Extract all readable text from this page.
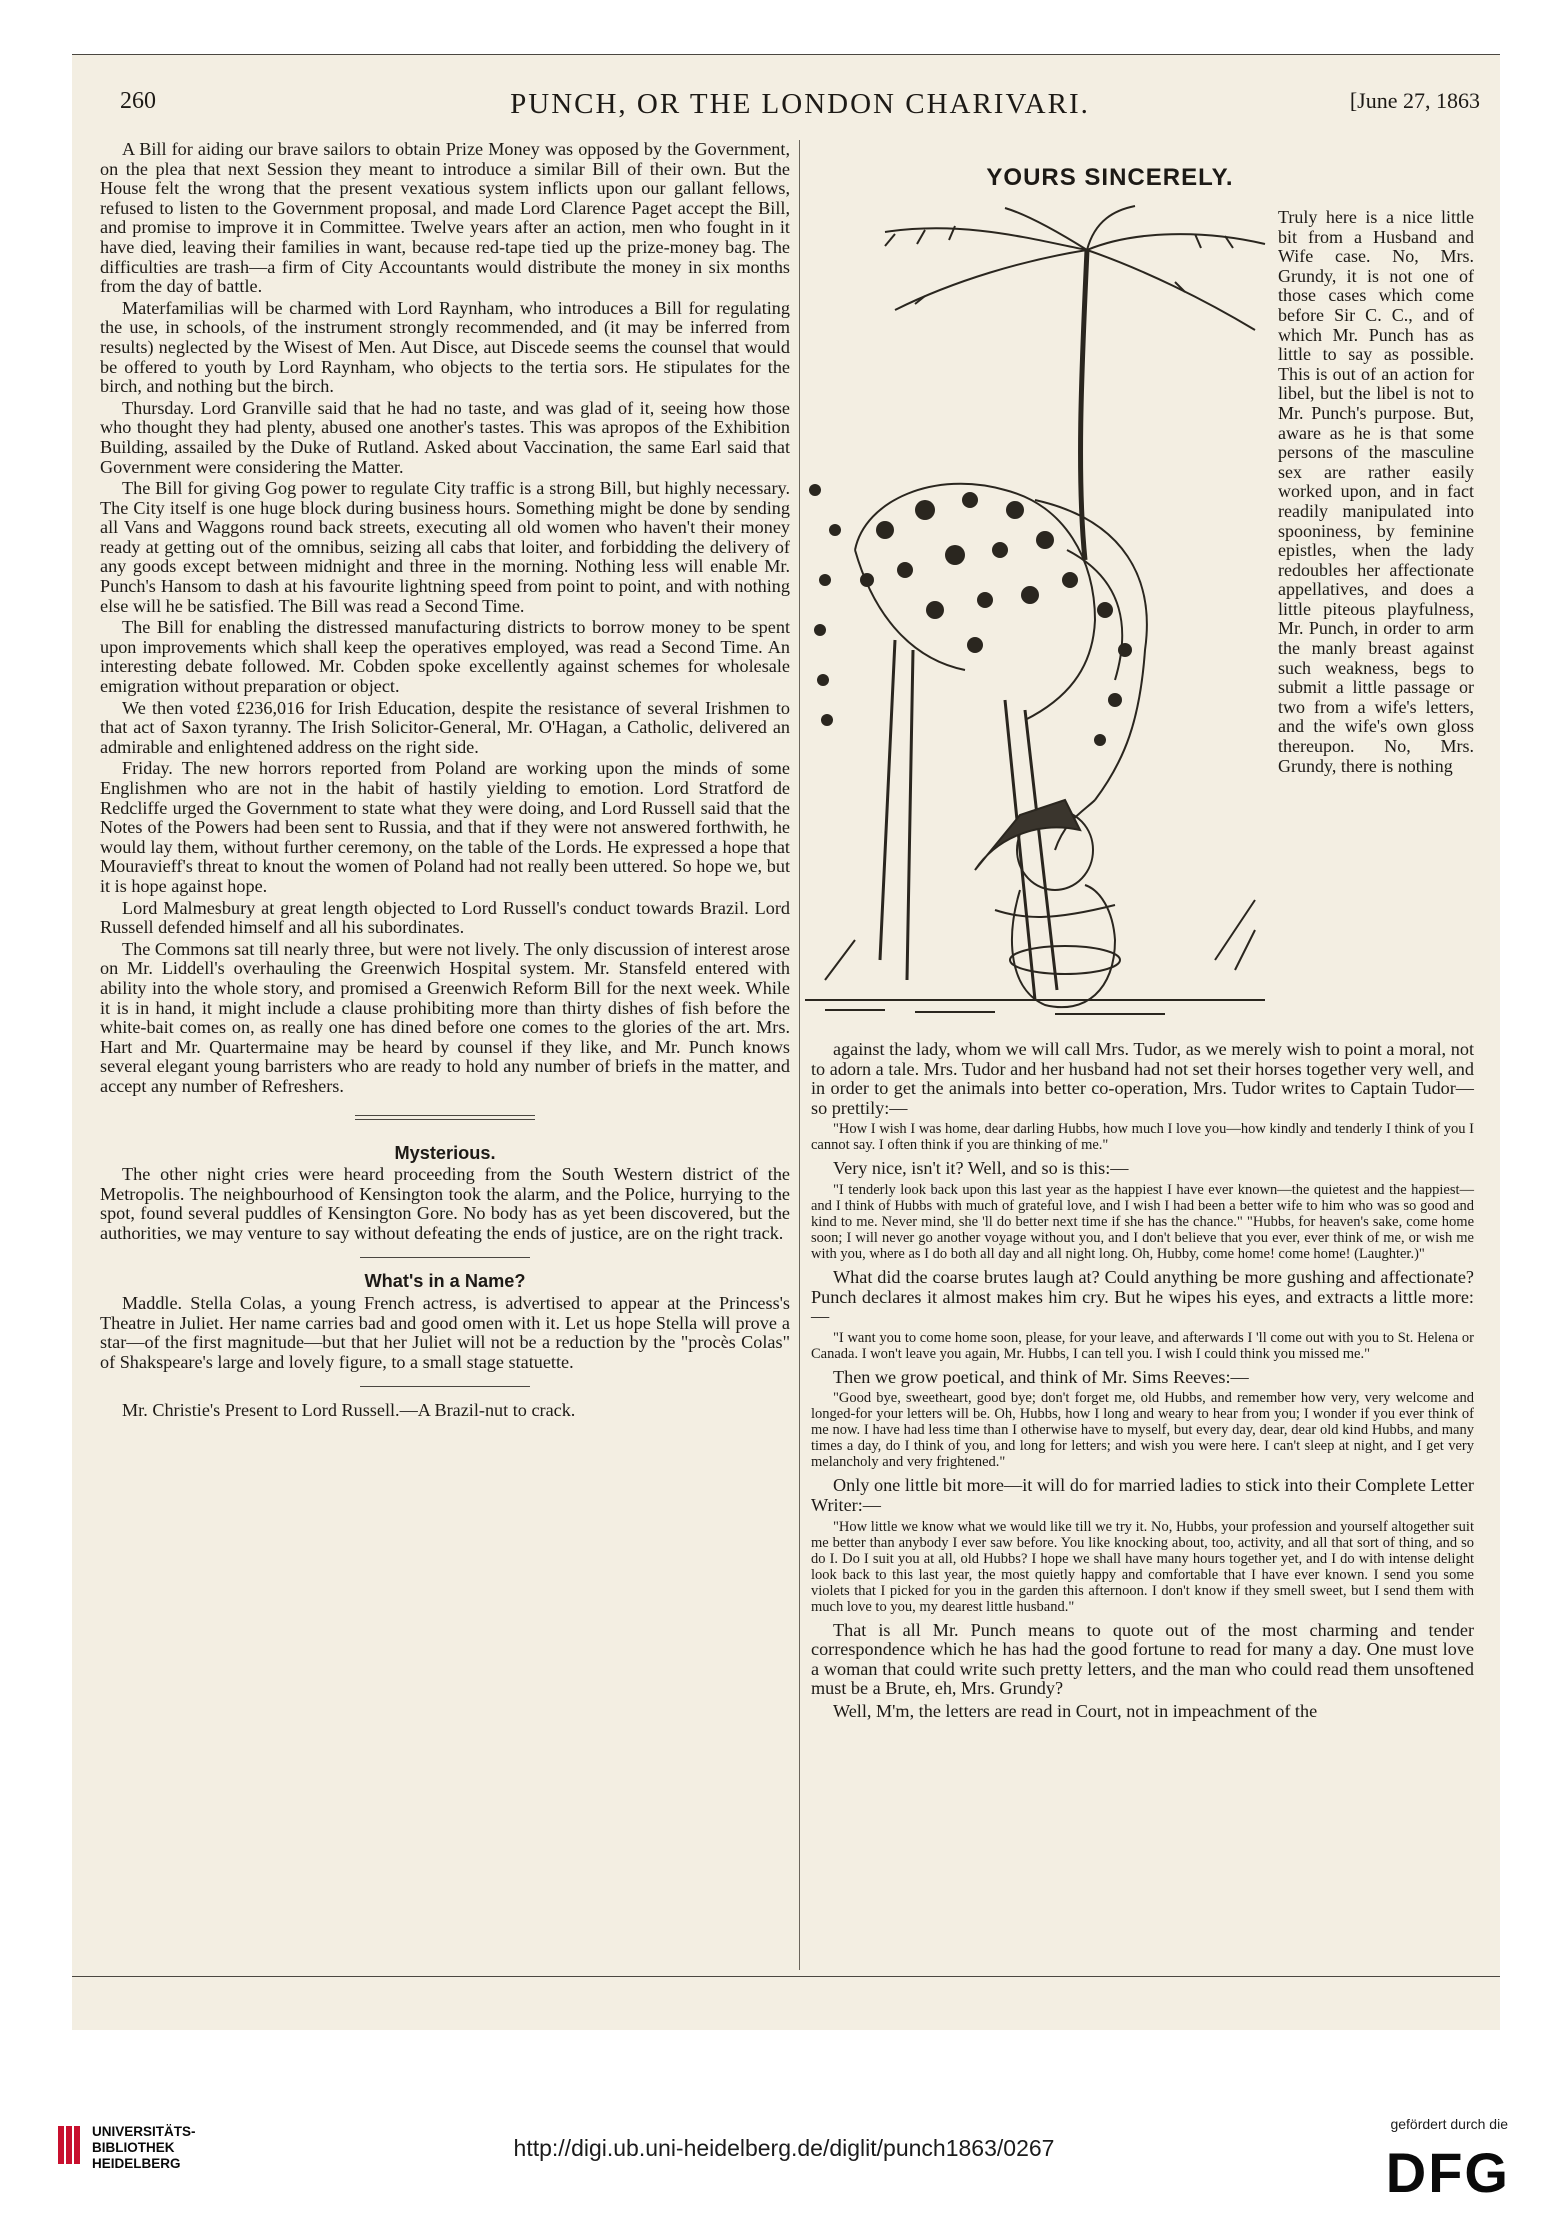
260	PUNCH, OR THE LONDON CHARIVARI.	[June 27, 1863

A Bill for aiding our brave sailors to obtain Prize Money was opposed by the Government, on the plea that next Session they meant to introduce a similar Bill of their own. But the House felt the wrong that the present vexatious system inflicts upon our gallant fellows, refused to listen to the Government proposal, and made Lord Clarence Paget accept the Bill, and promise to improve it in Committee. Twelve years after an action, men who fought in it have died, leaving their families in want, because red-tape tied up the prize-money bag. The difficulties are trash—a firm of City Accountants would distribute the money in six months from the day of battle.

Materfamilias will be charmed with Lord Raynham, who introduces a Bill for regulating the use, in schools, of the instrument strongly recommended, and (it may be inferred from results) neglected by the Wisest of Men. Aut Disce, aut Discede seems the counsel that would be offered to youth by Lord Raynham, who objects to the tertia sors. He stipulates for the birch, and nothing but the birch.

Thursday. Lord Granville said that he had no taste, and was glad of it, seeing how those who thought they had plenty, abused one another's tastes. This was apropos of the Exhibition Building, assailed by the Duke of Rutland. Asked about Vaccination, the same Earl said that Government were considering the Matter.

The Bill for giving Gog power to regulate City traffic is a strong Bill, but highly necessary. The City itself is one huge block during business hours. Something might be done by sending all Vans and Waggons round back streets, executing all old women who haven't their money ready at getting out of the omnibus, seizing all cabs that loiter, and forbidding the delivery of any goods except between midnight and three in the morning. Nothing less will enable Mr. Punch's Hansom to dash at his favourite lightning speed from point to point, and with nothing else will he be satisfied. The Bill was read a Second Time.

The Bill for enabling the distressed manufacturing districts to borrow money to be spent upon improvements which shall keep the operatives employed, was read a Second Time. An interesting debate followed. Mr. Cobden spoke excellently against schemes for wholesale emigration without preparation or object.

We then voted £236,016 for Irish Education, despite the resistance of several Irishmen to that act of Saxon tyranny. The Irish Solicitor-General, Mr. O'Hagan, a Catholic, delivered an admirable and enlightened address on the right side.

Friday. The new horrors reported from Poland are working upon the minds of some Englishmen who are not in the habit of hastily yielding to emotion. Lord Stratford de Redcliffe urged the Government to state what they were doing, and Lord Russell said that the Notes of the Powers had been sent to Russia, and that if they were not answered forthwith, he would lay them, without further ceremony, on the table of the Lords. He expressed a hope that Mouravieff's threat to knout the women of Poland had not really been uttered. So hope we, but it is hope against hope.

Lord Malmesbury at great length objected to Lord Russell's conduct towards Brazil. Lord Russell defended himself and all his subordinates.

The Commons sat till nearly three, but were not lively. The only discussion of interest arose on Mr. Liddell's overhauling the Greenwich Hospital system. Mr. Stansfeld entered with ability into the whole story, and promised a Greenwich Reform Bill for the next week. While it is in hand, it might include a clause prohibiting more than thirty dishes of fish before the white-bait comes on, as really one has dined before one comes to the glories of the art. Mrs. Hart and Mr. Quartermaine may be heard by counsel if they like, and Mr. Punch knows several elegant young barristers who are ready to hold any number of briefs in the matter, and accept any number of Refreshers.

Mysterious.

The other night cries were heard proceeding from the South Western district of the Metropolis. The neighbourhood of Kensington took the alarm, and the Police, hurrying to the spot, found several puddles of Kensington Gore. No body has as yet been discovered, but the authorities, we may venture to say without defeating the ends of justice, are on the right track.

What's in a Name?

Maddle. Stella Colas, a young French actress, is advertised to appear at the Princess's Theatre in Juliet. Her name carries bad and good omen with it. Let us hope Stella will prove a star—of the first magnitude—but that her Juliet will not be a reduction by the "procès Colas" of Shakspeare's large and lovely figure, to a small stage statuette.

Mr. Christie's Present to Lord Russell.—A Brazil-nut to crack.

YOURS SINCERELY.

Truly here is a nice little bit from a Husband and Wife case. No, Mrs. Grundy, it is not one of those cases which come before Sir C. C., and of which Mr. Punch has as little to say as possible. This is out of an action for libel, but the libel is not to Mr. Punch's purpose. But, aware as he is that some persons of the masculine sex are rather easily worked upon, and in fact readily manipulated into spooniness, by feminine epistles, when the lady redoubles her affectionate appellatives, and does a little piteous playfulness, Mr. Punch, in order to arm the manly breast against such weakness, begs to submit a little passage or two from a wife's letters, and the wife's own gloss thereupon. No, Mrs. Grundy, there is nothing

against the lady, whom we will call Mrs. Tudor, as we merely wish to point a moral, not to adorn a tale. Mrs. Tudor and her husband had not set their horses together very well, and in order to get the animals into better co-operation, Mrs. Tudor writes to Captain Tudor—so prettily:—

"How I wish I was home, dear darling Hubbs, how much I love you—how kindly and tenderly I think of you I cannot say. I often think if you are thinking of me."

Very nice, isn't it? Well, and so is this:—

"I tenderly look back upon this last year as the happiest I have ever known—the quietest and the happiest—and I think of Hubbs with much of grateful love, and I wish I had been a better wife to him who was so good and kind to me. Never mind, she 'll do better next time if she has the chance." "Hubbs, for heaven's sake, come home soon; I will never go another voyage without you, and I don't believe that you ever, ever think of me, or wish me with you, where as I do both all day and all night long. Oh, Hubby, come home! come home! (Laughter.)"

What did the coarse brutes laugh at? Could anything be more gushing and affectionate? Punch declares it almost makes him cry. But he wipes his eyes, and extracts a little more:—

"I want you to come home soon, please, for your leave, and afterwards I 'll come out with you to St. Helena or Canada. I won't leave you again, Mr. Hubbs, I can tell you. I wish I could think you missed me."

Then we grow poetical, and think of Mr. Sims Reeves:—

"Good bye, sweetheart, good bye; don't forget me, old Hubbs, and remember how very, very welcome and longed-for your letters will be. Oh, Hubbs, how I long and weary to hear from you; I wonder if you ever think of me now. I have had less time than I otherwise have to myself, but every day, dear, dear old kind Hubbs, and many times a day, do I think of you, and long for letters; and wish you were here. I can't sleep at night, and I get very melancholy and very frightened."

Only one little bit more—it will do for married ladies to stick into their Complete Letter Writer:—

"How little we know what we would like till we try it. No, Hubbs, your profession and yourself altogether suit me better than anybody I ever saw before. You like knocking about, too, activity, and all that sort of thing, and so do I. Do I suit you at all, old Hubbs? I hope we shall have many hours together yet, and I do with intense delight look back to this last year, the most quietly happy and comfortable that I have ever known. I send you some violets that I picked for you in the garden this afternoon. I don't know if they smell sweet, but I send them with much love to you, my dearest little husband."

That is all Mr. Punch means to quote out of the most charming and tender correspondence which he has had the good fortune to read for many a day. One must love a woman that could write such pretty letters, and the man who could read them unsoftened must be a Brute, eh, Mrs. Grundy?

Well, M'm, the letters are read in Court, not in impeachment of the

UNIVERSITÄTS-
BIBLIOTHEK
HEIDELBERG
http://digi.ub.uni-heidelberg.de/diglit/punch1863/0267
gefördert durch die
DFG
